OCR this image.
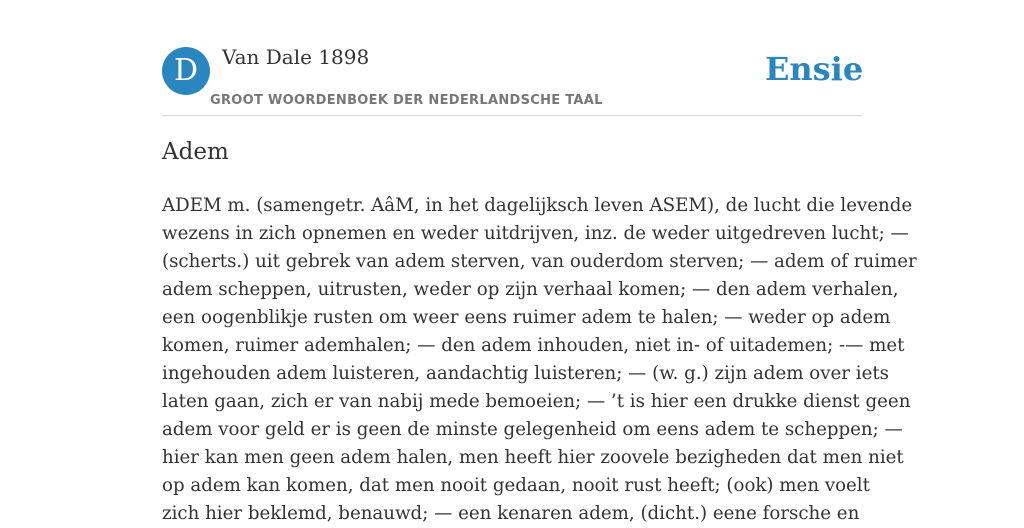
D	Van Dale 1898
GROOT WOORDENBOEK DER NEDERLANDSCHE TAAL
Ensie
Adem

ADEM m. (samengetr. AâM, in het dagelijksch leven ASEM), de lucht die levende
wezens in zich opnemen en weder uitdrijven, inz. de weder uitgedreven lucht; —
(scherts.) uit gebrek van adem sterven, van ouderdom sterven; — adem of ruimer
adem scheppen, uitrusten, weder op zijn verhaal komen; — den adem verhalen,
een oogenblikje rusten om weer eens ruimer adem te halen; — weder op adem
komen, ruimer ademhalen; — den adem inhouden, niet in- of uitademen; -— met
ingehouden adem luisteren, aandachtig luisteren; — (w. g.) zijn adem over iets
laten gaan, zich er van nabij mede bemoeien; — ’t is hier een drukke dienst geen
adem voor geld er is geen de minste gelegenheid om eens adem te scheppen; —
hier kan men geen adem halen, men heeft hier zoovele bezigheden dat men niet
op adem kan komen, dat men nooit gedaan, nooit rust heeft; (ook) men voelt
zich hier beklemd, benauwd; — een kenaren adem, (dicht.) eene forsche en
